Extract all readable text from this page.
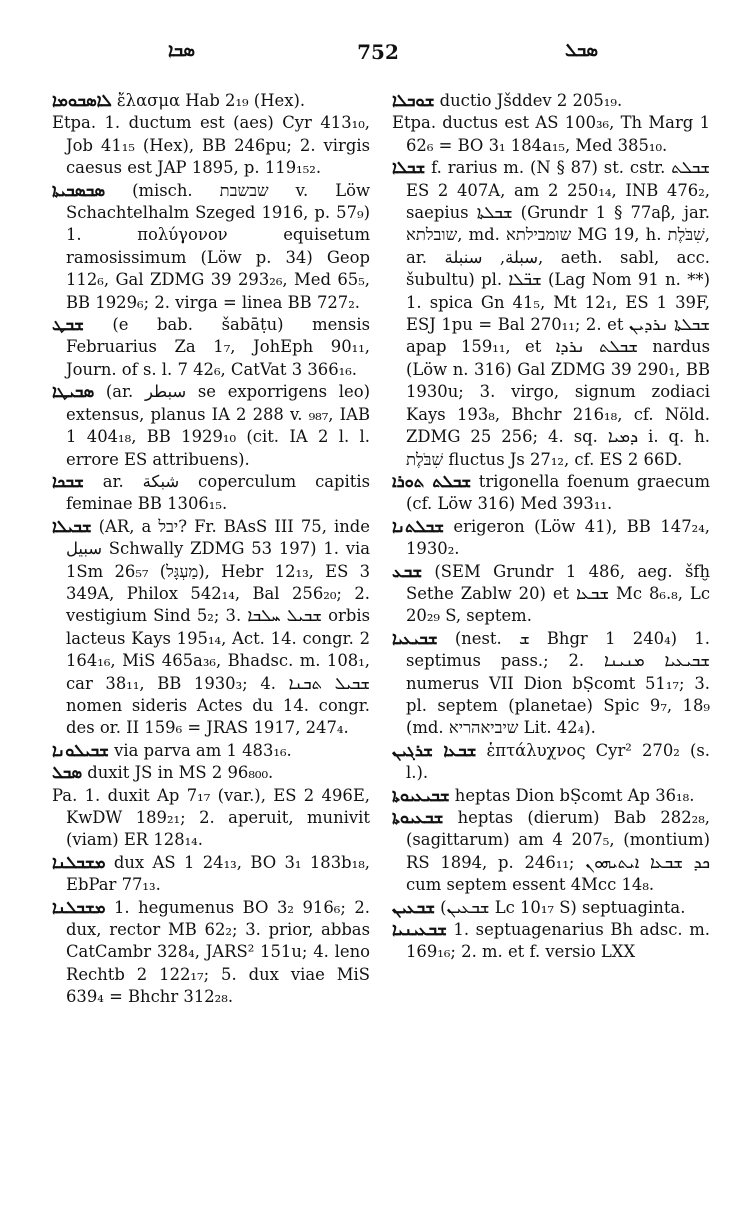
ܣܒܐ	752	ܣܒܠ
ܠܐܣܒܘܡܐ ἔλασμα Hab 2₁₉ (Hex).
Etpa. 1. ductum est (aes) Cyr 413₁₀, Job 41₁₅ (Hex), BB 246pu; 2. virgis caesus est JAP 1895, p. 119₁₅₂.
ܣܒܣܒܝܬܐ (misch. שבשבת v. Löw Schachtelhalm Szeged 1916, p. 57₉) 1. πολύγονον equisetum ramosissimum (Löw p. 34) Geop 112₆, Gal ZDMG 39 293₂₆, Med 65₅, BB 1929₆; 2. virga = linea BB 727₂.
ܫܒܛ (e bab. šabāṭu) mensis Februarius Za 1₇, JohEph 90₁₁, Journ. of s. l. 7 42₆, CatVat 3 366₁₆.
ܣܒܝܛܐ (ar. سبطر se exporrigens leo) extensus, planus IA 2 288 v. ₉₈₇, IAB 1 404₁₈, BB 1929₁₀ (cit. IA 2 l. l. errore ES attribuens).
ܫܒܟܐ ar. شبكة coperculum capitis feminae BB 1306₁₅.
ܫܒܝܠܐ (AR, a יבל? Fr. BAsS III 75, inde سبيل Schwally ZDMG 53 197) 1. via 1Sm 26₅₇ (מַעְגָּל), Hebr 12₁₃, ES 3 349A, Philox 542₁₄, Bal 256₂₀; 2. vestigium Sind 5₂; 3. ܫܒܝܠ ܚܠܒܐ orbis lacteus Kays 195₁₄, Act. 14. congr. 2 164₁₆, MiS 465a₃₆, Bhadsc. m. 108₁, car 38₁₁, BB 1930₃; 4. ܫܒܝܠ ܬܒܢܐ nomen sideris Actes du 14. congr. des or. II 159₆ = JRAS 1917, 247₄.
ܫܒܝܠܘܢܐ via parva am 1 483₁₆.
ܣܒܠ duxit JS in MS 2 96₈₀₀.
Pa. 1. duxit Ap 7₁₇ (var.), ES 2 496E, KwDW 189₂₁; 2. aperuit, munivit (viam) ER 128₁₄.
ܡܫܒܠܢܐ dux AS 1 24₁₃, BO 3₁ 183b₁₈, EbPar 77₁₃.
ܡܫܒܠܢܐ 1. hegumenus BO 3₂ 916₆; 2. dux, rector MB 62₂; 3. prior, abbas CatCambr 328₄, JARS² 151u; 4. leno Rechtb 2 122₁₇; 5. dux viae MiS 639₄ = Bhchr 312₂₈.
ܫܘܒܠܐ ductio Jšddev 2 205₁₉.
Etpa. ductus est AS 100₃₆, Th Marg 1 62₆ = BO 3₁ 184a₁₅, Med 385₁₀.
ܫܒܠܐ f. rarius m. (N § 87) st. cstr. ܫܒܠܬ ES 2 407A, am 2 250₁₄, INB 476₂, saepius ܫܒܠܬܐ (Grundr 1 § 77aβ, jar. שובלתא, md. שומבילתא MG 19, h. שִׁבֹּלֶת, ar. سبلة, سنبلة, aeth. sabl, acc. šubultu) pl. ܫܒ̈ܠܐ (Lag Nom 91 n. **) 1. spica Gn 41₅, Mt 12₁, ES 1 39F, ESJ 1pu = Bal 270₁₁; 2. et ܫܒܠܬܐ ܢܪܕܝܢ apap 159₁₁, et ܫܒܠܬ ܢܪܕܐ nardus (Löw n. 316) Gal ZDMG 39 290₁, BB 1930u; 3. virgo, signum zodiaci Kays 193₈, Bhchr 216₁₈, cf. Nöld. ZDMG 25 256; 4. sq. ܕܡܝܐ i. q. h. שִׁבֹּלֶת fluctus Js 27₁₂, cf. ES 2 66D.
ܫܒܠܬ ܬܘܪܐ trigonella foenum graecum (cf. Löw 316) Med 393₁₁.
ܫܒܠܬܢܐ erigeron (Löw 41), BB 147₂₄, 1930₂.
ܫܒܥ (SEM Grundr 1 486, aeg. šfḫ Sethe Zablw 20) et ܫܒܥܐ Mc 8₆.₈, Lc 20₂₉ S, septem.
ܫܒܝܥܝܐ (nest. ܫ Bhgr 1 240₄) 1. septimus pass.; 2. ܫܒܝܥܝܐ ܡܢܝܢܐ numerus VII Dion bṢcomt 51₁₇; 3. pl. septem (planetae) Spic 9₇, 18₉ (md. שיביאהריא Lit. 42₄).
ܫܒܥܐ ܫܪܓܝܢ ἑπτάλυχνος Cyr² 270₂ (s. l.).
ܫܒܝܥܝܘܬܐ heptas Dion bṢcomt Ap 36₁₈.
ܫܒܥܝܘܬܐ heptas (dierum) Bab 282₂₈, (sagittarum) am 4 207₅, (montium) RS 1894, p. 246₁₁; ܟܕ ܫܒܥܐ ܐܝܬܝܗܘܢ cum septem essent 4Mcc 14₈.
ܫܒܥܝܢ (ܫܒܥܝܢ Lc 10₁₇ S) septuaginta.
ܫܒܥܝܢܝܐ 1. septuagenarius Bh adsc. m. 169₁₆; 2. m. et f. versio LXX
